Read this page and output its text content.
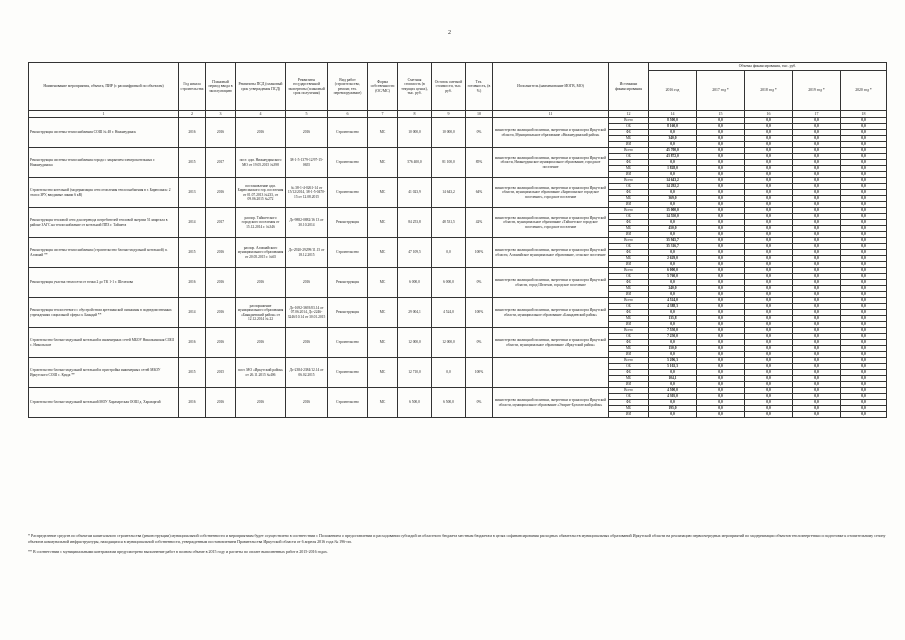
2
Наименование мероприятия, объекта, ПИР (с расшифровкой по объектам)	Год начала строительства	Плановый период ввода в эксплуатацию	Реквизиты ПСД (плановый срок утверждения ПСД)	Реквизиты государственной экспертизы (плановый срок получения)	Вид работ (строительство, ремонт, тех. перевооружение)	Форма собственности (ОС/МС)	Сметная стоимость (в текущих ценах), тыс. руб.	Остаток сметной стоимости, тыс. руб.	Тех. готовность, (в %)	Исполнитель (наименование ИОГВ, МО)	Источники финансирования	Объемы финансирования, тыс. руб.				
												2016 год	2017 год *	2018 год *	2019 год *	2020 год *
1	2	3	4	5	6	7	8	9	10	11	12	14	15	16	17	18
Реконструкция системы теплоснабжения СОШ № 48 г. Нижнеудинск	2016	2016	2016	2016	Строительство	МС	10 000,0	10 000,0	0%	министерство жилищной политики, энергетики и транспорта Иркутской области, Муниципальное образование «Нижнеудинский район»	Всего	8 500,0	0,0	0,0	0,0	0,0
											ОБ	8 160,0	0,0	0,0	0,0	0,0
											ФБ	0,0	0,0	0,0	0,0	0,0
											МБ	340,0	0,0	0,0	0,0	0,0
											ИИ	0,0	0,0	0,0	0,0	0,0
Реконструкция системы теплоснабжения города с закрытием электрокотельных г. Нижнеудинска	2015	2017	пост. адм. Нижнеудинского МО от 19.05.2015 №398	38-1-5-1379-12/97-15-0655	Строительство	МС	576 400,0	81 100,0	85%	министерство жилищной политики, энергетики и транспорта Иркутской области, Нижнеудинское муниципальное образование, городское поселение	Всего	45 700,0	0,0	0,0	0,0	0,0
											ОБ	43 872,0	0,0	0,0	0,0	0,0
											ФБ	0,0	0,0	0,0	0,0	0,0
											МБ	1 828,0	0,0	0,0	0,0	0,0
											ИИ	0,0	0,0	0,0	0,0	0,0
Строительство котельной (модернизация сети отопления теплоснабжения в г. Бирюсинск: 2 этап и ЗРУ, вводимые линии 6 кВ)	2013	2016	постановление адм. Бирюсинского гор. поселения от 01.07.2013 №233, от 09.06.2015 №272	№ 38-1-4-0261-14 от 15/12/2014, 38-1-5-0470-15 от 12.08.2015	Строительство	МС	41 023,9	14 643,2	64%	министерство жилищной политики, энергетики и транспорта Иркутской области, муниципальное образование «Бирюсинское городское поселение», городское поселение	Всего	14 643,2	0,0	0,0	0,0	0,0
											ОБ	14 292,2	0,0	0,0	0,0	0,0
											ФБ	0,0	0,0	0,0	0,0	0,0
											МБ	369,0	0,0	0,0	0,0	0,0
											ИИ	0,0	0,0	0,0	0,0	0,0
Реконструкция тепловой сети для перевода потребителей тепловой энергии 51 квартала в районе ЗАГС на теплоснабжение от котельной ППЗ г. Тайшета	2014	2017	распор. Тайшетского городского поселения от 15.12.2014 г. №346	Дс-9882-0882/16 13 от 30.10.2014	Реконструкция	МС	84 253,8	48 531,5	42%	министерство жилищной политики, энергетики и транспорта Иркутской области, муниципальное образование «Тайшетское городское поселение», городское поселение	Всего	15 000,0	0,0	0,0	0,0	0,0
											ОБ	14 550,0	0,0	0,0	0,0	0,0
											ФБ	0,0	0,0	0,0	0,0	0,0
											МБ	450,0	0,0	0,0	0,0	0,0
											ИИ	0,0	0,0	0,0	0,0	0,0
Реконструкция системы теплоснабжения (строительство блочно-модульной котельной) п. Алзамай **	2015	2016	распор. Алзамайского муниципального образования от 20.05.2015 г. №65	Дс-2920-29299/11.15 от 18.12.2015	Строительство	МС	47 109,5	0,0	100%	министерство жилищной политики, энергетики и транспорта Иркутской области, Алзамайское муниципальное образование, сельское поселение	Всего	35 945,7	0,0	0,0	0,0	0,0
											ОБ	35 316,7	0,0	0,0	0,0	0,0
											ФБ	0,0	0,0	0,0	0,0	0,0
											МБ	2 629,0	0,0	0,0	0,0	0,0
											ИИ	0,0	0,0	0,0	0,0	0,0
Реконструкция участка теплосети от точки 2 до ТК 1-1 г. Шелехова	2016	2016	2016	2016	Реконструкция	МС	6 000,0	6 000,0	0%	министерство жилищной политики, энергетики и транспорта Иркутской области, город Шелехов, городское поселение	Всего	6 000,0	0,0	0,0	0,0	0,0
											ОБ	5 760,0	0,0	0,0	0,0	0,0
											ФБ	0,0	0,0	0,0	0,0	0,0
											МБ	240,0	0,0	0,0	0,0	0,0
											ИИ	0,0	0,0	0,0	0,0	0,0
Реконструкция теплосетевого с обустройством артезианской скважины в подведомственных учреждениях социальной сферы п. Баяндай **	2014	2016	распоряжение муниципального образования «Баяндаевский район» от 12.12.2014 № 22	Дс-1692-3693/03.14 от 07.06.2014, Дс-2246-3246/10.14 от 30.01.2015	Реконструкция	МС	29 004,1	4 524,0	100%	министерство жилищной политики, энергетики и транспорта Иркутской области, муниципальное образование «Баяндаевский район»	Всего	4 524,0	0,0	0,0	0,0	0,0
											ОБ	4 388,3	0,0	0,0	0,0	0,0
											ФБ	0,0	0,0	0,0	0,0	0,0
											МБ	135,8	0,0	0,0	0,0	0,0
											ИИ	0,0	0,0	0,0	0,0	0,0
Строительство блочно-модульной котельной и инженерных сетей МБОУ Никольинская СОШ с. Никольское	2016	2016	2016	2016	Строительство	МС	12 000,0	12 000,0	0%	министерство жилищной политики, энергетики и транспорта Иркутской области, муниципальное образование «Иркутский район»	Всего	7 550,0	0,0	0,0	0,0	0,0
											ОБ	7 250,0	0,0	0,0	0,0	0,0
											ФБ	0,0	0,0	0,0	0,0	0,0
											МБ	150,0	0,0	0,0	0,0	0,0
											ИИ	0,0	0,0	0,0	0,0	0,0
Строительство блочно-модульной котельной и пристройка инженерных сетей МБОУ Иркутского СОШ с. Куяда **	2015	2015	пост. МО «Иркутский район» от 26.11.2015 №406	Дс-2384-2384/12.14 от 06.02.2015	Строительство	МС	12 710,0	0,0	100%		Всего	5 206,3	0,0	0,0	0,0	0,0
											ОБ	5 102,3	0,0	0,0	0,0	0,0
											ФБ	0,0	0,0	0,0	0,0	0,0
											МБ	104,1	0,0	0,0	0,0	0,0
											ИИ	0,0	0,0	0,0	0,0	0,0
Строительство блочно-модульной котельной МОУ Харазаргская ООШ д. Харазаргай	2016	2016	2016	2016	Строительство	МС	6 500,0	6 500,0	0%	министерство жилищной политики, энергетики и транспорта Иркутской области, муниципальное образование «Эхирит-Булагатский район»	Всего	4 500,0	0,0	0,0	0,0	0,0
											ОБ	4 305,0	0,0	0,0	0,0	0,0
											ФБ	0,0	0,0	0,0	0,0	0,0
											МБ	195,0	0,0	0,0	0,0	0,0
											ИИ	0,0	0,0	0,0	0,0	0,0

* Распределение средств по объектам капитального строительства (реконструкции) муниципальной собственности и мероприятиям будет осуществлено в соответствии с Положением о предоставлении и расходовании субсидий из областного бюджета местным бюджетам в целях софинансирования расходных обязательств муниципальных образований Иркутской области на реализацию первоочередных мероприятий по модернизации объектов теплоэнергетики и подготовке к отопительному сезону объектов коммунальной инфраструктуры, находящихся в муниципальной собственности, утвержденным постановлением Правительства Иркутской области от 6 апреля 2016 года № 196-пп.

** В соответствии с муниципальными контрактами предусмотрено выполнение работ в полном объеме в 2015 году и расчеты по оплате выполненных работ в 2015-2016 годах.
